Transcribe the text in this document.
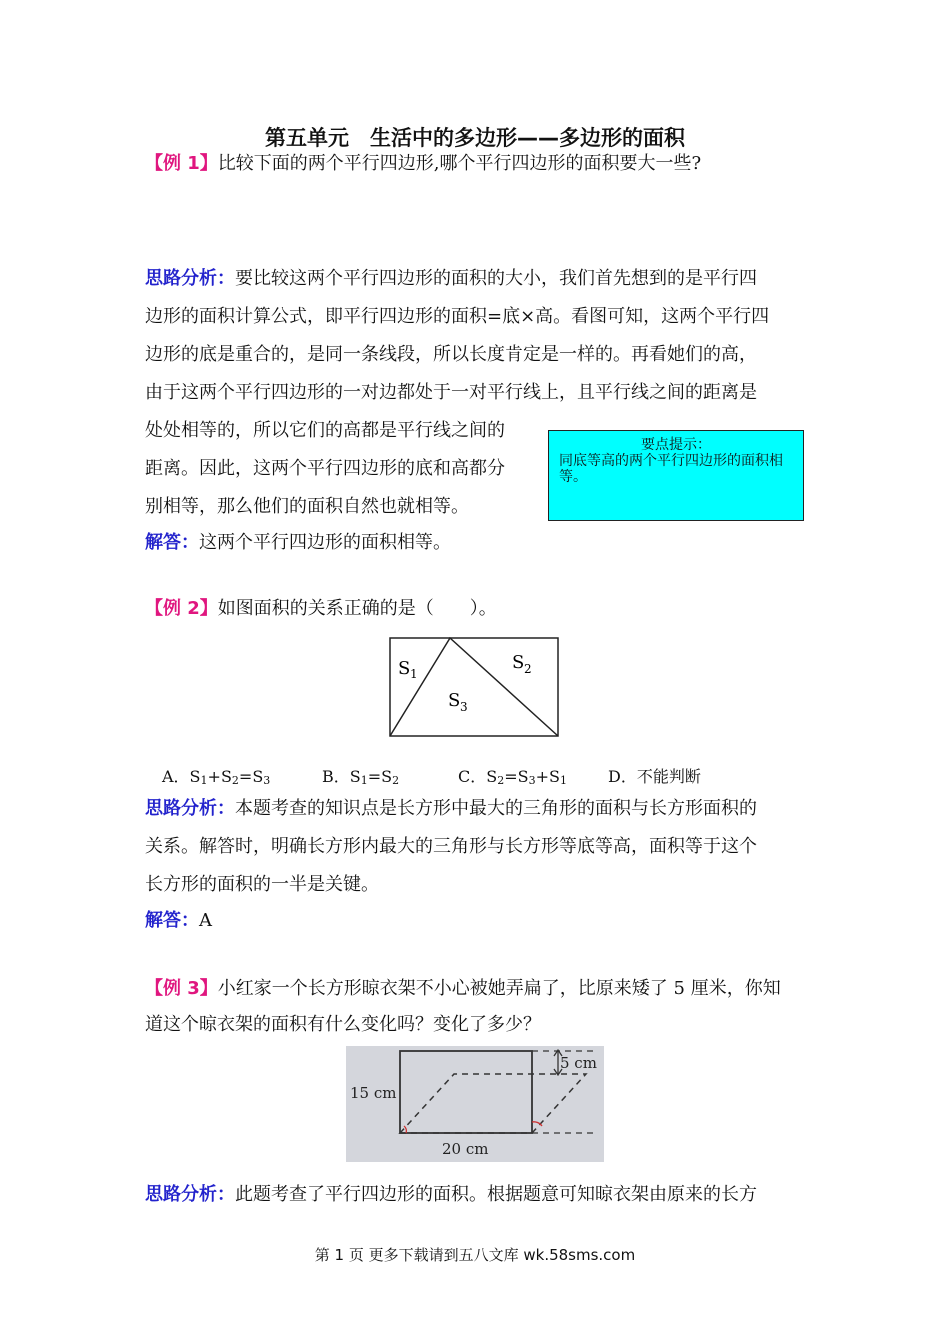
第五单元　生活中的多边形——多边形的面积
【例 1】比较下面的两个平行四边形,哪个平行四边形的面积要大一些?
思路分析：要比较这两个平行四边形的面积的大小，我们首先想到的是平行四
边形的面积计算公式，即平行四边形的面积=底×高。看图可知，这两个平行四
边形的底是重合的，是同一条线段，所以长度肯定是一样的。再看她们的高，
由于这两个平行四边形的一对边都处于一对平行线上，且平行线之间的距离是
处处相等的，所以它们的高都是平行线之间的
距离。因此，这两个平行四边形的底和高都分
别相等，那么他们的面积自然也就相等。
要点提示：
同底等高的两个平行四边形的面积相等。
解答：这两个平行四边形的面积相等。
【例 2】如图面积的关系正确的是（　　）。
S 1
S 2
S 3
A．$S_1+S_2=S_3$	B．$S_1=S_2$	C．$S_2=S_3+S_1$	D．不能判断
思路分析：本题考查的知识点是长方形中最大的三角形的面积与长方形面积的
关系。解答时，明确长方形内最大的三角形与长方形等底等高，面积等于这个
长方形的面积的一半是关键。
解答：A
【例 3】小红家一个长方形晾衣架不小心被她弄扁了，比原来矮了 5 厘米，你知
道这个晾衣架的面积有什么变化吗？变化了多少？
15 cm
20 cm
5 cm
思路分析：此题考查了平行四边形的面积。根据题意可知晾衣架由原来的长方
第 1 页 更多下载请到五八文库 wk.58sms.com
